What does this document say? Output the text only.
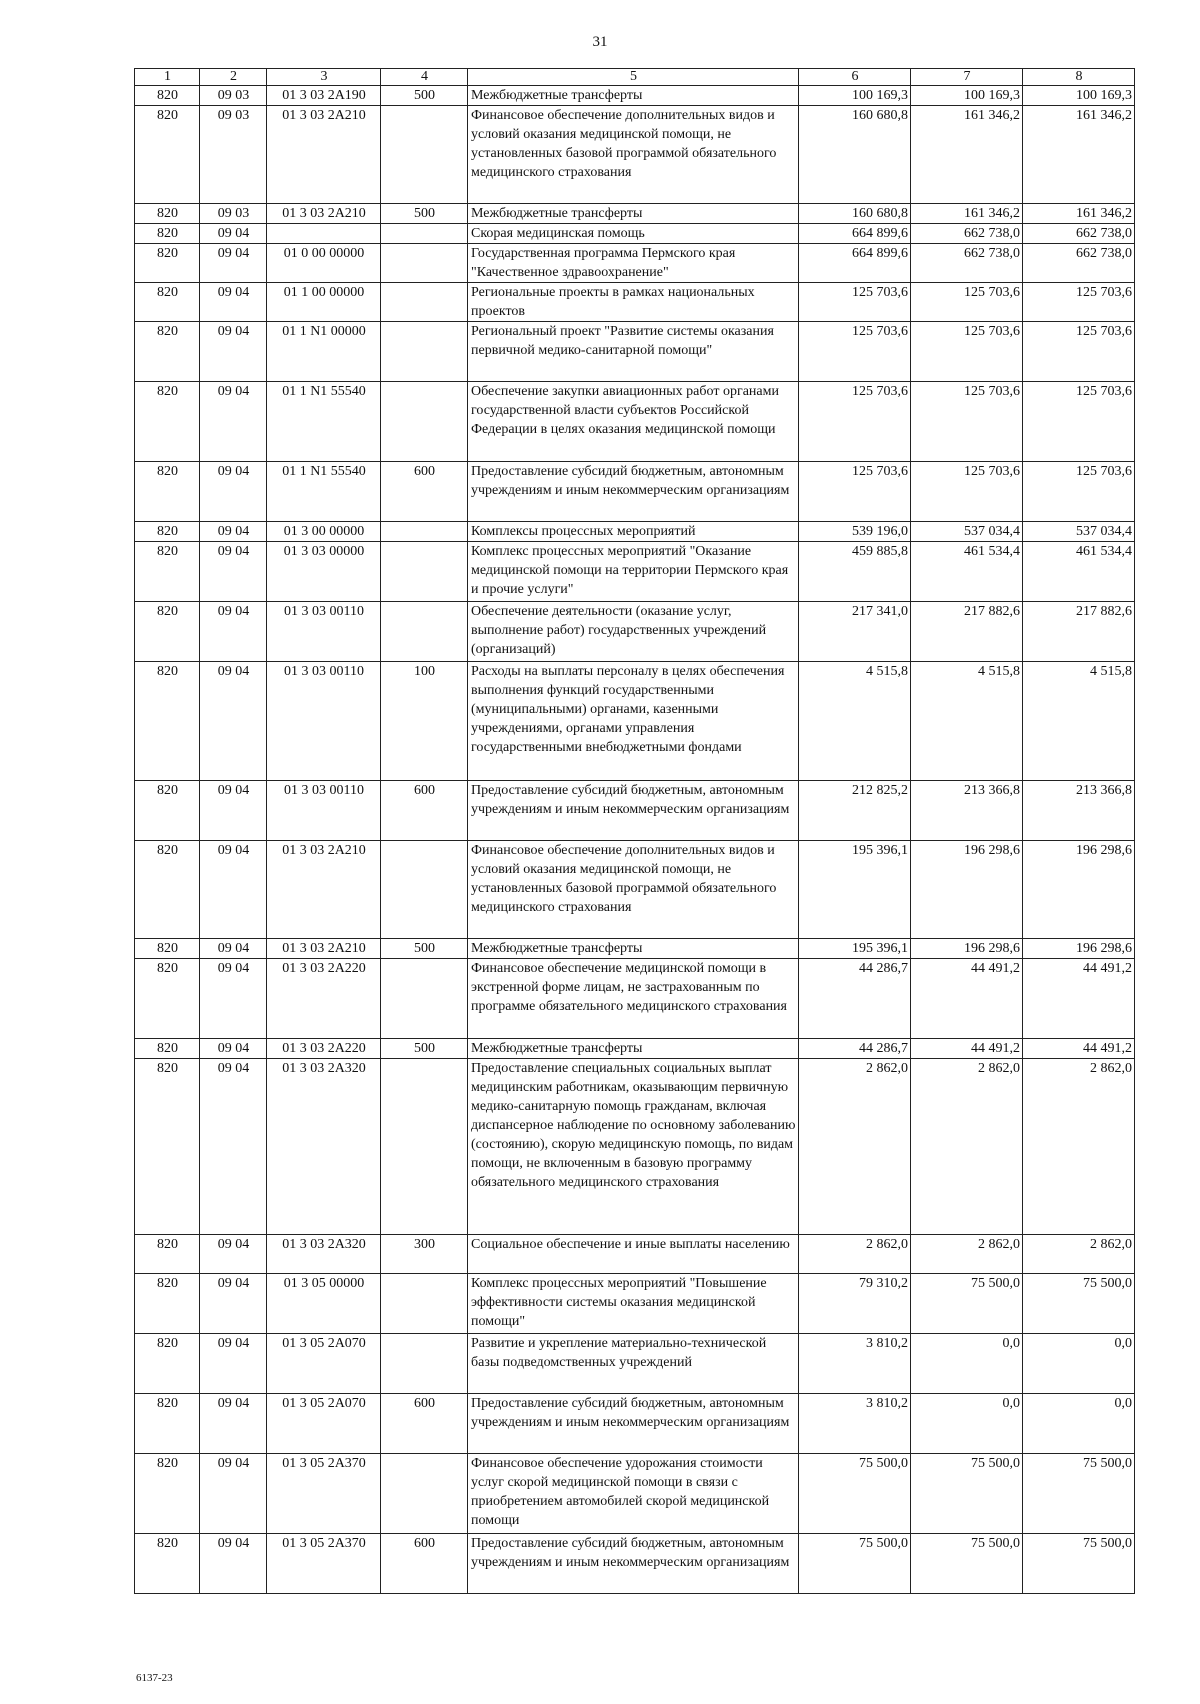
31
1	2	3	4	5	6	7	8
820	09 03	01 3 03 2A190	500	Межбюджетные трансферты	100 169,3	100 169,3	100 169,3
820	09 03	01 3 03 2A210		Финансовое обеспечение дополнительных видов и условий оказания медицинской помощи, не установленных базовой программой обязательного медицинского страхования	160 680,8	161 346,2	161 346,2
820	09 03	01 3 03 2A210	500	Межбюджетные трансферты	160 680,8	161 346,2	161 346,2
820	09 04			Скорая медицинская помощь	664 899,6	662 738,0	662 738,0
820	09 04	01 0 00 00000		Государственная программа Пермского края "Качественное здравоохранение"	664 899,6	662 738,0	662 738,0
820	09 04	01 1 00 00000		Региональные проекты в рамках национальных проектов	125 703,6	125 703,6	125 703,6
820	09 04	01 1 N1 00000		Региональный проект "Развитие системы оказания первичной медико-санитарной помощи"	125 703,6	125 703,6	125 703,6
820	09 04	01 1 N1 55540		Обеспечение закупки авиационных работ органами государственной власти субъектов Российской Федерации в целях оказания медицинской помощи	125 703,6	125 703,6	125 703,6
820	09 04	01 1 N1 55540	600	Предоставление субсидий бюджетным, автономным учреждениям и иным некоммерческим организациям	125 703,6	125 703,6	125 703,6
820	09 04	01 3 00 00000		Комплексы процессных мероприятий	539 196,0	537 034,4	537 034,4
820	09 04	01 3 03 00000		Комплекс процессных мероприятий "Оказание медицинской помощи на территории Пермского края и прочие услуги"	459 885,8	461 534,4	461 534,4
820	09 04	01 3 03 00110		Обеспечение деятельности (оказание услуг, выполнение работ) государственных учреждений (организаций)	217 341,0	217 882,6	217 882,6
820	09 04	01 3 03 00110	100	Расходы на выплаты персоналу в целях обеспечения выполнения функций государственными (муниципальными) органами, казенными учреждениями, органами управления государственными внебюджетными фондами	4 515,8	4 515,8	4 515,8
820	09 04	01 3 03 00110	600	Предоставление субсидий бюджетным, автономным учреждениям и иным некоммерческим организациям	212 825,2	213 366,8	213 366,8
820	09 04	01 3 03 2A210		Финансовое обеспечение дополнительных видов и условий оказания медицинской помощи, не установленных базовой программой обязательного медицинского страхования	195 396,1	196 298,6	196 298,6
820	09 04	01 3 03 2A210	500	Межбюджетные трансферты	195 396,1	196 298,6	196 298,6
820	09 04	01 3 03 2A220		Финансовое обеспечение медицинской помощи в экстренной форме лицам, не застрахованным по программе обязательного медицинского страхования	44 286,7	44 491,2	44 491,2
820	09 04	01 3 03 2A220	500	Межбюджетные трансферты	44 286,7	44 491,2	44 491,2
820	09 04	01 3 03 2A320		Предоставление специальных социальных выплат медицинским работникам, оказывающим первичную медико-санитарную помощь гражданам, включая диспансерное наблюдение по основному заболеванию (состоянию), скорую медицинскую помощь, по видам помощи, не включенным в базовую программу обязательного медицинского страхования	2 862,0	2 862,0	2 862,0
820	09 04	01 3 03 2A320	300	Социальное обеспечение и иные выплаты населению	2 862,0	2 862,0	2 862,0
820	09 04	01 3 05 00000		Комплекс процессных мероприятий "Повышение эффективности системы оказания медицинской помощи"	79 310,2	75 500,0	75 500,0
820	09 04	01 3 05 2A070		Развитие и укрепление материально-технической базы подведомственных учреждений	3 810,2	0,0	0,0
820	09 04	01 3 05 2A070	600	Предоставление субсидий бюджетным, автономным учреждениям и иным некоммерческим организациям	3 810,2	0,0	0,0
820	09 04	01 3 05 2A370		Финансовое обеспечение удорожания стоимости услуг скорой медицинской помощи в связи с приобретением автомобилей скорой медицинской помощи	75 500,0	75 500,0	75 500,0
820	09 04	01 3 05 2A370	600	Предоставление субсидий бюджетным, автономным учреждениям и иным некоммерческим организациям	75 500,0	75 500,0	75 500,0
6137-23
